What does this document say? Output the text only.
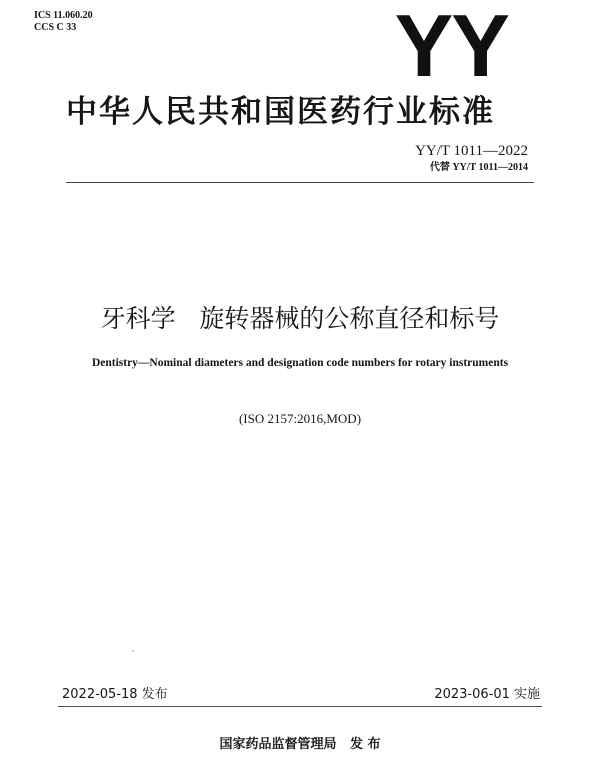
ICS 11.060.20
CCS C 33	YY
中华人民共和国医药行业标准
YY/T 1011—2022
代替 YY/T 1011—2014
牙科学   旋转器械的公称直径和标号
Dentistry—Nominal diameters and designation code numbers for rotary instruments
(ISO 2157:2016,MOD)
2022-05-18 发布	2023-06-01 实施
国家药品监督管理局   发 布
